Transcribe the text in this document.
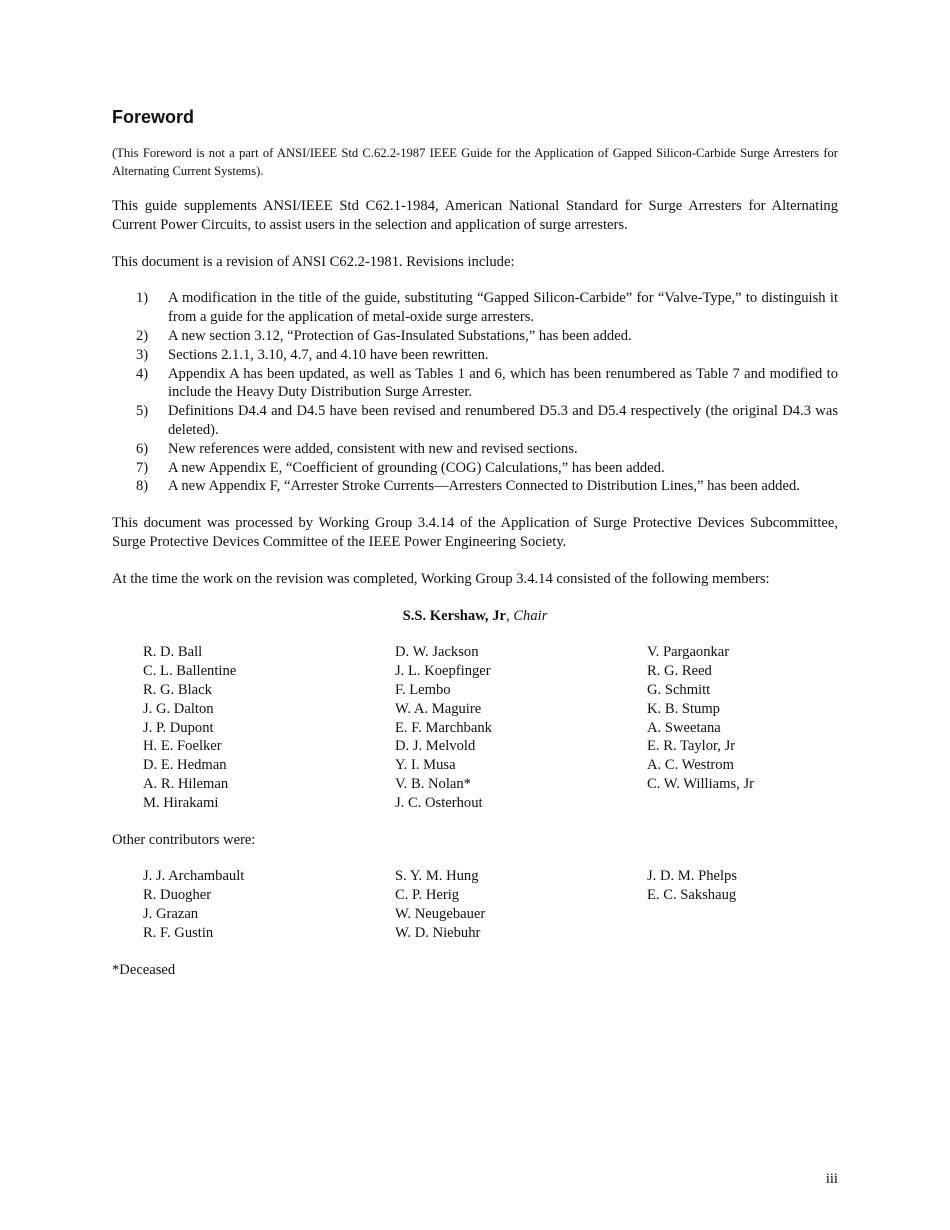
Foreword

(This Foreword is not a part of ANSI/IEEE Std C.62.2-1987 IEEE Guide for the Application of Gapped Silicon-Carbide Surge Arresters for Alternating Current Systems).

This guide supplements ANSI/IEEE Std C62.1-1984, American National Standard for Surge Arresters for Alternating Current Power Circuits, to assist users in the selection and application of surge arresters.

This document is a revision of ANSI C62.2-1981. Revisions include:

1) A modification in the title of the guide, substituting “Gapped Silicon-Carbide” for “Valve-Type,” to distinguish it from a guide for the application of metal-oxide surge arresters.
2) A new section 3.12, “Protection of Gas-Insulated Substations,” has been added.
3) Sections 2.1.1, 3.10, 4.7, and 4.10 have been rewritten.
4) Appendix A has been updated, as well as Tables 1 and 6, which has been renumbered as Table 7 and modified to include the Heavy Duty Distribution Surge Arrester.
5) Definitions D4.4 and D4.5 have been revised and renumbered D5.3 and D5.4 respectively (the original D4.3 was deleted).
6) New references were added, consistent with new and revised sections.
7) A new Appendix E, “Coefficient of grounding (COG) Calculations,” has been added.
8) A new Appendix F, “Arrester Stroke Currents—Arresters Connected to Distribution Lines,” has been added.

This document was processed by Working Group 3.4.14 of the Application of Surge Protective Devices Subcommittee, Surge Protective Devices Committee of the IEEE Power Engineering Society.

At the time the work on the revision was completed, Working Group 3.4.14 consisted of the following members:

S.S. Kershaw, Jr, Chair
R. D. Ball
C. L. Ballentine
R. G. Black
J. G. Dalton
J. P. Dupont
H. E. Foelker
D. E. Hedman
A. R. Hileman
M. Hirakami
D. W. Jackson
J. L. Koepfinger
F. Lembo
W. A. Maguire
E. F. Marchbank
D. J. Melvold
Y. I. Musa
V. B. Nolan*
J. C. Osterhout
V. Pargaonkar
R. G. Reed
G. Schmitt
K. B. Stump
A. Sweetana
E. R. Taylor, Jr
A. C. Westrom
C. W. Williams, Jr

Other contributors were:

J. J. Archambault
R. Duogher
J. Grazan
R. F. Gustin
S. Y. M. Hung
C. P. Herig
W. Neugebauer
W. D. Niebuhr
J. D. M. Phelps
E. C. Sakshaug

*Deceased

iii
